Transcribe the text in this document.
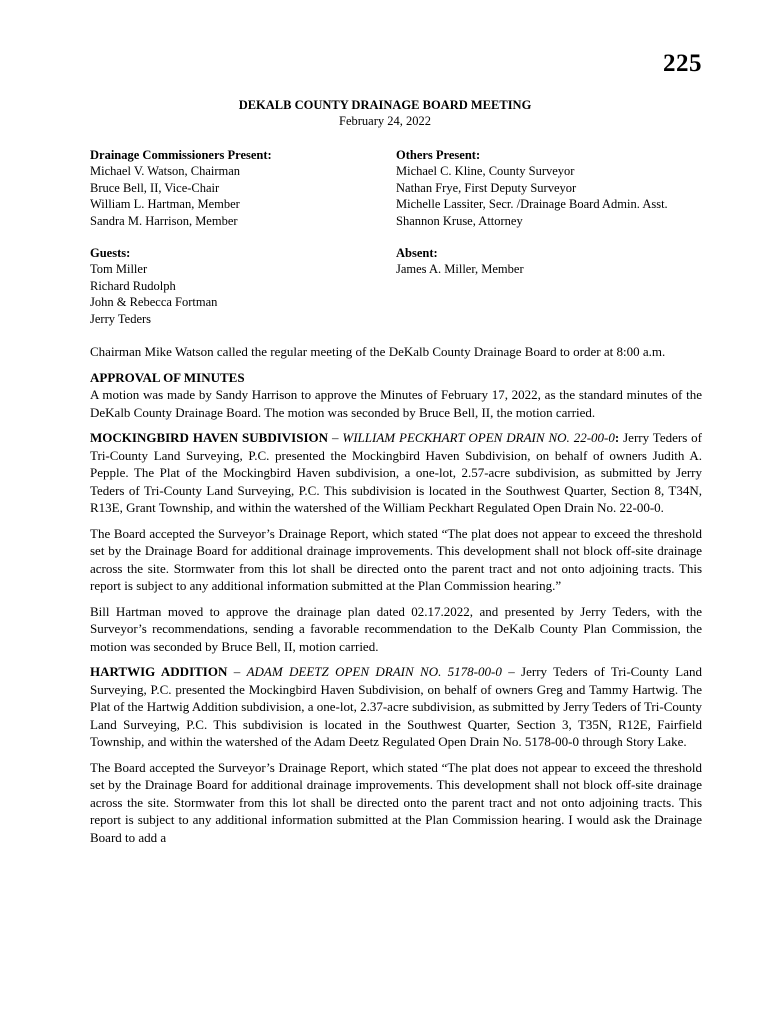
225
DEKALB COUNTY DRAINAGE BOARD MEETING
February 24, 2022
Drainage Commissioners Present:
Michael V. Watson, Chairman
Bruce Bell, II, Vice-Chair
William L. Hartman, Member
Sandra M. Harrison, Member
Others Present:
Michael C. Kline, County Surveyor
Nathan Frye, First Deputy Surveyor
Michelle Lassiter, Secr. /Drainage Board Admin. Asst.
Shannon Kruse, Attorney
Guests:
Tom Miller
Richard Rudolph
John & Rebecca Fortman
Jerry Teders
Absent:
James A. Miller, Member

Chairman Mike Watson called the regular meeting of the DeKalb County Drainage Board to order at 8:00 a.m.

APPROVAL OF MINUTES
A motion was made by Sandy Harrison to approve the Minutes of February 17, 2022, as the standard minutes of the DeKalb County Drainage Board. The motion was seconded by Bruce Bell, II, the motion carried.

MOCKINGBIRD HAVEN SUBDIVISION – WILLIAM PECKHART OPEN DRAIN NO. 22-00-0: Jerry Teders of Tri-County Land Surveying, P.C. presented the Mockingbird Haven Subdivision, on behalf of owners Judith A. Pepple. The Plat of the Mockingbird Haven subdivision, a one-lot, 2.57-acre subdivision, as submitted by Jerry Teders of Tri-County Land Surveying, P.C. This subdivision is located in the Southwest Quarter, Section 8, T34N, R13E, Grant Township, and within the watershed of the William Peckhart Regulated Open Drain No. 22-00-0.

The Board accepted the Surveyor’s Drainage Report, which stated “The plat does not appear to exceed the threshold set by the Drainage Board for additional drainage improvements. This development shall not block off-site drainage across the site. Stormwater from this lot shall be directed onto the parent tract and not onto adjoining tracts. This report is subject to any additional information submitted at the Plan Commission hearing.”

Bill Hartman moved to approve the drainage plan dated 02.17.2022, and presented by Jerry Teders, with the Surveyor’s recommendations, sending a favorable recommendation to the DeKalb County Plan Commission, the motion was seconded by Bruce Bell, II, motion carried.

HARTWIG ADDITION – ADAM DEETZ OPEN DRAIN NO. 5178-00-0 – Jerry Teders of Tri-County Land Surveying, P.C. presented the Mockingbird Haven Subdivision, on behalf of owners Greg and Tammy Hartwig. The Plat of the Hartwig Addition subdivision, a one-lot, 2.37-acre subdivision, as submitted by Jerry Teders of Tri-County Land Surveying, P.C. This subdivision is located in the Southwest Quarter, Section 3, T35N, R12E, Fairfield Township, and within the watershed of the Adam Deetz Regulated Open Drain No. 5178-00-0 through Story Lake.

The Board accepted the Surveyor’s Drainage Report, which stated “The plat does not appear to exceed the threshold set by the Drainage Board for additional drainage improvements. This development shall not block off-site drainage across the site. Stormwater from this lot shall be directed onto the parent tract and not onto adjoining tracts. This report is subject to any additional information submitted at the Plan Commission hearing. I would ask the Drainage Board to add a
